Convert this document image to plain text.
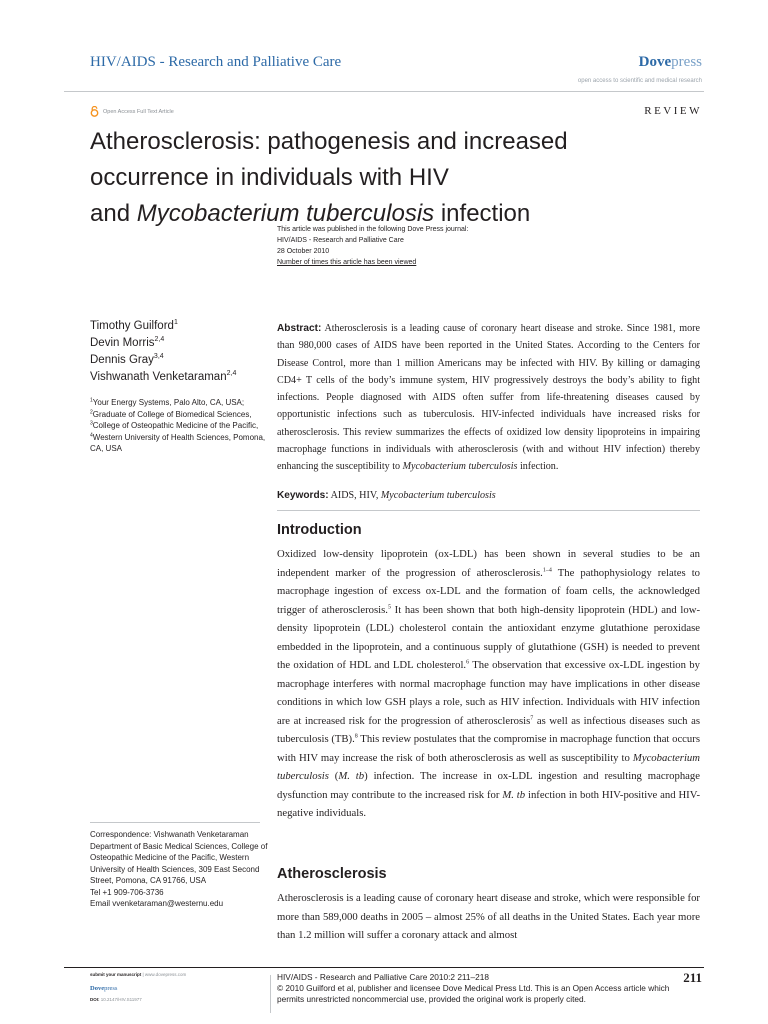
HIV/AIDS - Research and Palliative Care	Dovepress
open access to scientific and medical research
Open Access Full Text Article	REVIEW
Atherosclerosis: pathogenesis and increased
occurrence in individuals with HIV
and Mycobacterium tuberculosis infection
This article was published in the following Dove Press journal:
HIV/AIDS - Research and Palliative Care
28 October 2010
Number of times this article has been viewed
Timothy Guilford$^1$
Devin Morris$^{2,4}$
Dennis Gray$^{3,4}$
Vishwanath Venketaraman$^{2,4}$
$^1$Your Energy Systems, Palo Alto, CA, USA; $^2$Graduate of College of Biomedical Sciences, $^3$College of Osteopathic Medicine of the Pacific, $^4$Western University of Health Sciences, Pomona, CA, USA
Abstract: Atherosclerosis is a leading cause of coronary heart disease and stroke. Since 1981, more than 980,000 cases of AIDS have been reported in the United States. According to the Centers for Disease Control, more than 1 million Americans may be infected with HIV. By killing or damaging CD4+ T cells of the body’s immune system, HIV progressively destroys the body’s ability to fight infections. People diagnosed with AIDS often suffer from life-threatening diseases caused by opportunistic infections such as tuberculosis. HIV-infected individuals have increased risks for atherosclerosis. This review summarizes the effects of oxidized low density lipoproteins in impairing macrophage functions in individuals with atherosclerosis (with and without HIV infection) thereby enhancing the susceptibility to Mycobacterium tuberculosis infection.
Keywords: AIDS, HIV, Mycobacterium tuberculosis
Introduction
Oxidized low-density lipoprotein (ox-LDL) has been shown in several studies to be an independent marker of the progression of atherosclerosis.$^{1-4}$ The pathophysiology relates to macrophage ingestion of excess ox-LDL and the formation of foam cells, the acknowledged trigger of atherosclerosis.$^5$ It has been shown that both high-density lipoprotein (HDL) and low-density lipoprotein (LDL) cholesterol contain the antioxidant enzyme glutathione peroxidase embedded in the lipoprotein, and a continuous supply of glutathione (GSH) is needed to prevent the oxidation of HDL and LDL cholesterol.$^6$ The observation that excessive ox-LDL ingestion by macrophage interferes with normal macrophage function may have implications in other disease conditions in which low GSH plays a role, such as HIV infection. Individuals with HIV infection are at increased risk for the progression of atherosclerosis$^7$ as well as infectious diseases such as tuberculosis (TB).$^8$ This review postulates that the compromise in macrophage function that occurs with HIV may increase the risk of both atherosclerosis as well as susceptibility to Mycobacterium tuberculosis (M. tb) infection. The increase in ox-LDL ingestion and resulting macrophage dysfunction may contribute to the increased risk for M. tb infection in both HIV-positive and HIV-negative individuals.
Atherosclerosis
Atherosclerosis is a leading cause of coronary heart disease and stroke, which were responsible for more than 589,000 deaths in 2005 – almost 25% of all deaths in the United States. Each year more than 1.2 million will suffer a coronary attack and almost
Correspondence: Vishwanath Venketaraman
Department of Basic Medical Sciences, College of Osteopathic Medicine of the Pacific, Western University of Health Sciences, 309 East Second Street, Pomona, CA 91766, USA
Tel +1 909-706-3736
Email vvenketaraman@westernu.edu
submit your manuscript | www.dovepress.com
Dovepress
DOI: 10.2147/HIV.S11977
HIV/AIDS - Research and Palliative Care 2010:2 211–218
© 2010 Guilford et al, publisher and licensee Dove Medical Press Ltd. This is an Open Access article which permits unrestricted noncommercial use, provided the original work is properly cited.
211
